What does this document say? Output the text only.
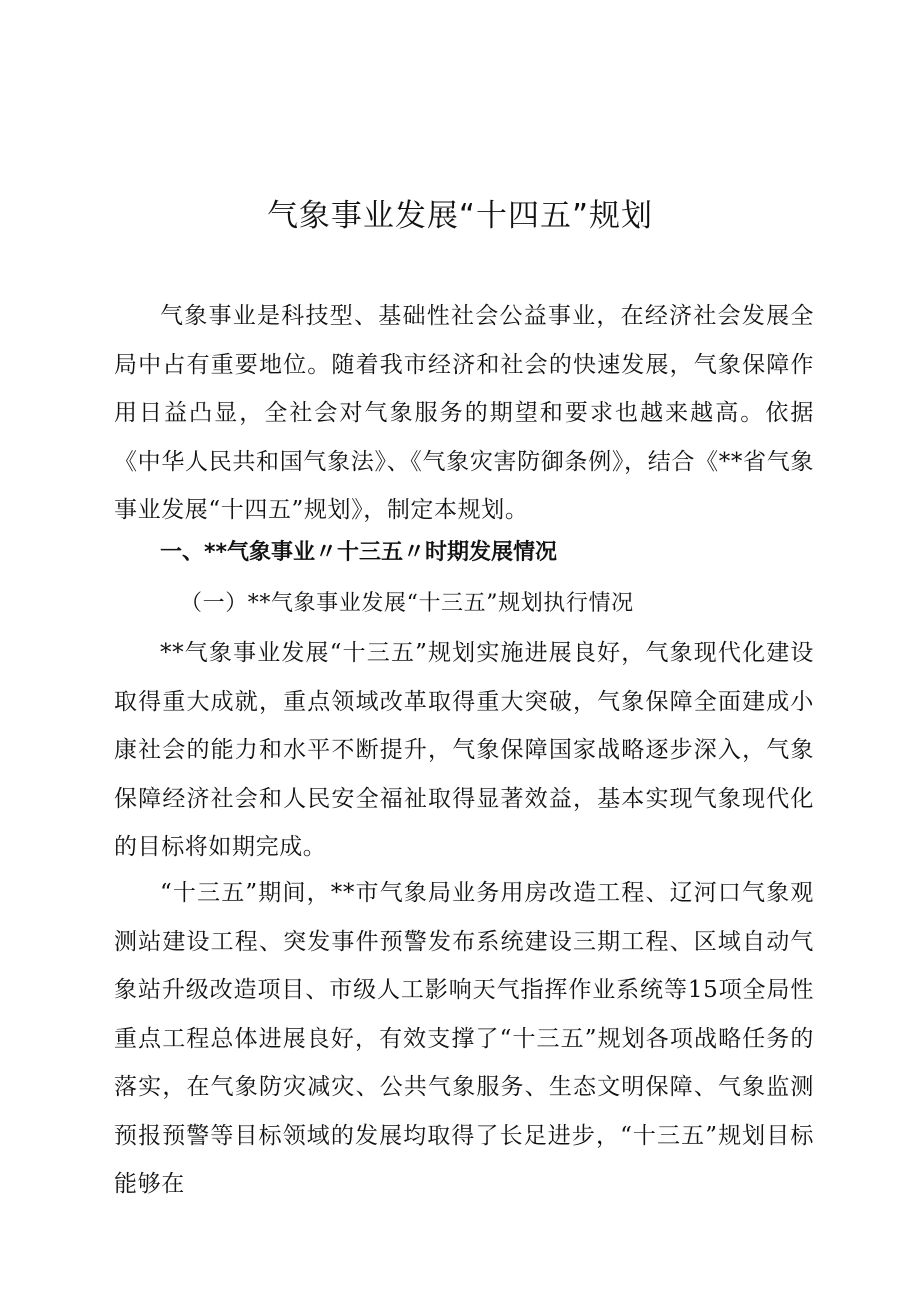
气象事业发展“十四五”规划

气象事业是科技型、基础性社会公益事业，在经济社会发展全局中占有重要地位。随着我市经济和社会的快速发展，气象保障作用日益凸显，全社会对气象服务的期望和要求也越来越高。依据《中华人民共和国气象法》、《气象灾害防御条例》，结合《**省气象事业发展“十四五”规划》，制定本规划。

一、**气象事业〃十三五〃时期发展情况

（一）**气象事业发展“十三五”规划执行情况

**气象事业发展“十三五”规划实施进展良好，气象现代化建设取得重大成就，重点领域改革取得重大突破，气象保障全面建成小康社会的能力和水平不断提升，气象保障国家战略逐步深入，气象保障经济社会和人民安全福祉取得显著效益，基本实现气象现代化的目标将如期完成。

“十三五”期间，**市气象局业务用房改造工程、辽河口气象观测站建设工程、突发事件预警发布系统建设三期工程、区域自动气象站升级改造项目、市级人工影响天气指挥作业系统等15项全局性重点工程总体进展良好，有效支撑了“十三五”规划各项战略任务的落实，在气象防灾减灾、公共气象服务、生态文明保障、气象监测预报预警等目标领域的发展均取得了长足进步，“十三五”规划目标能够在
